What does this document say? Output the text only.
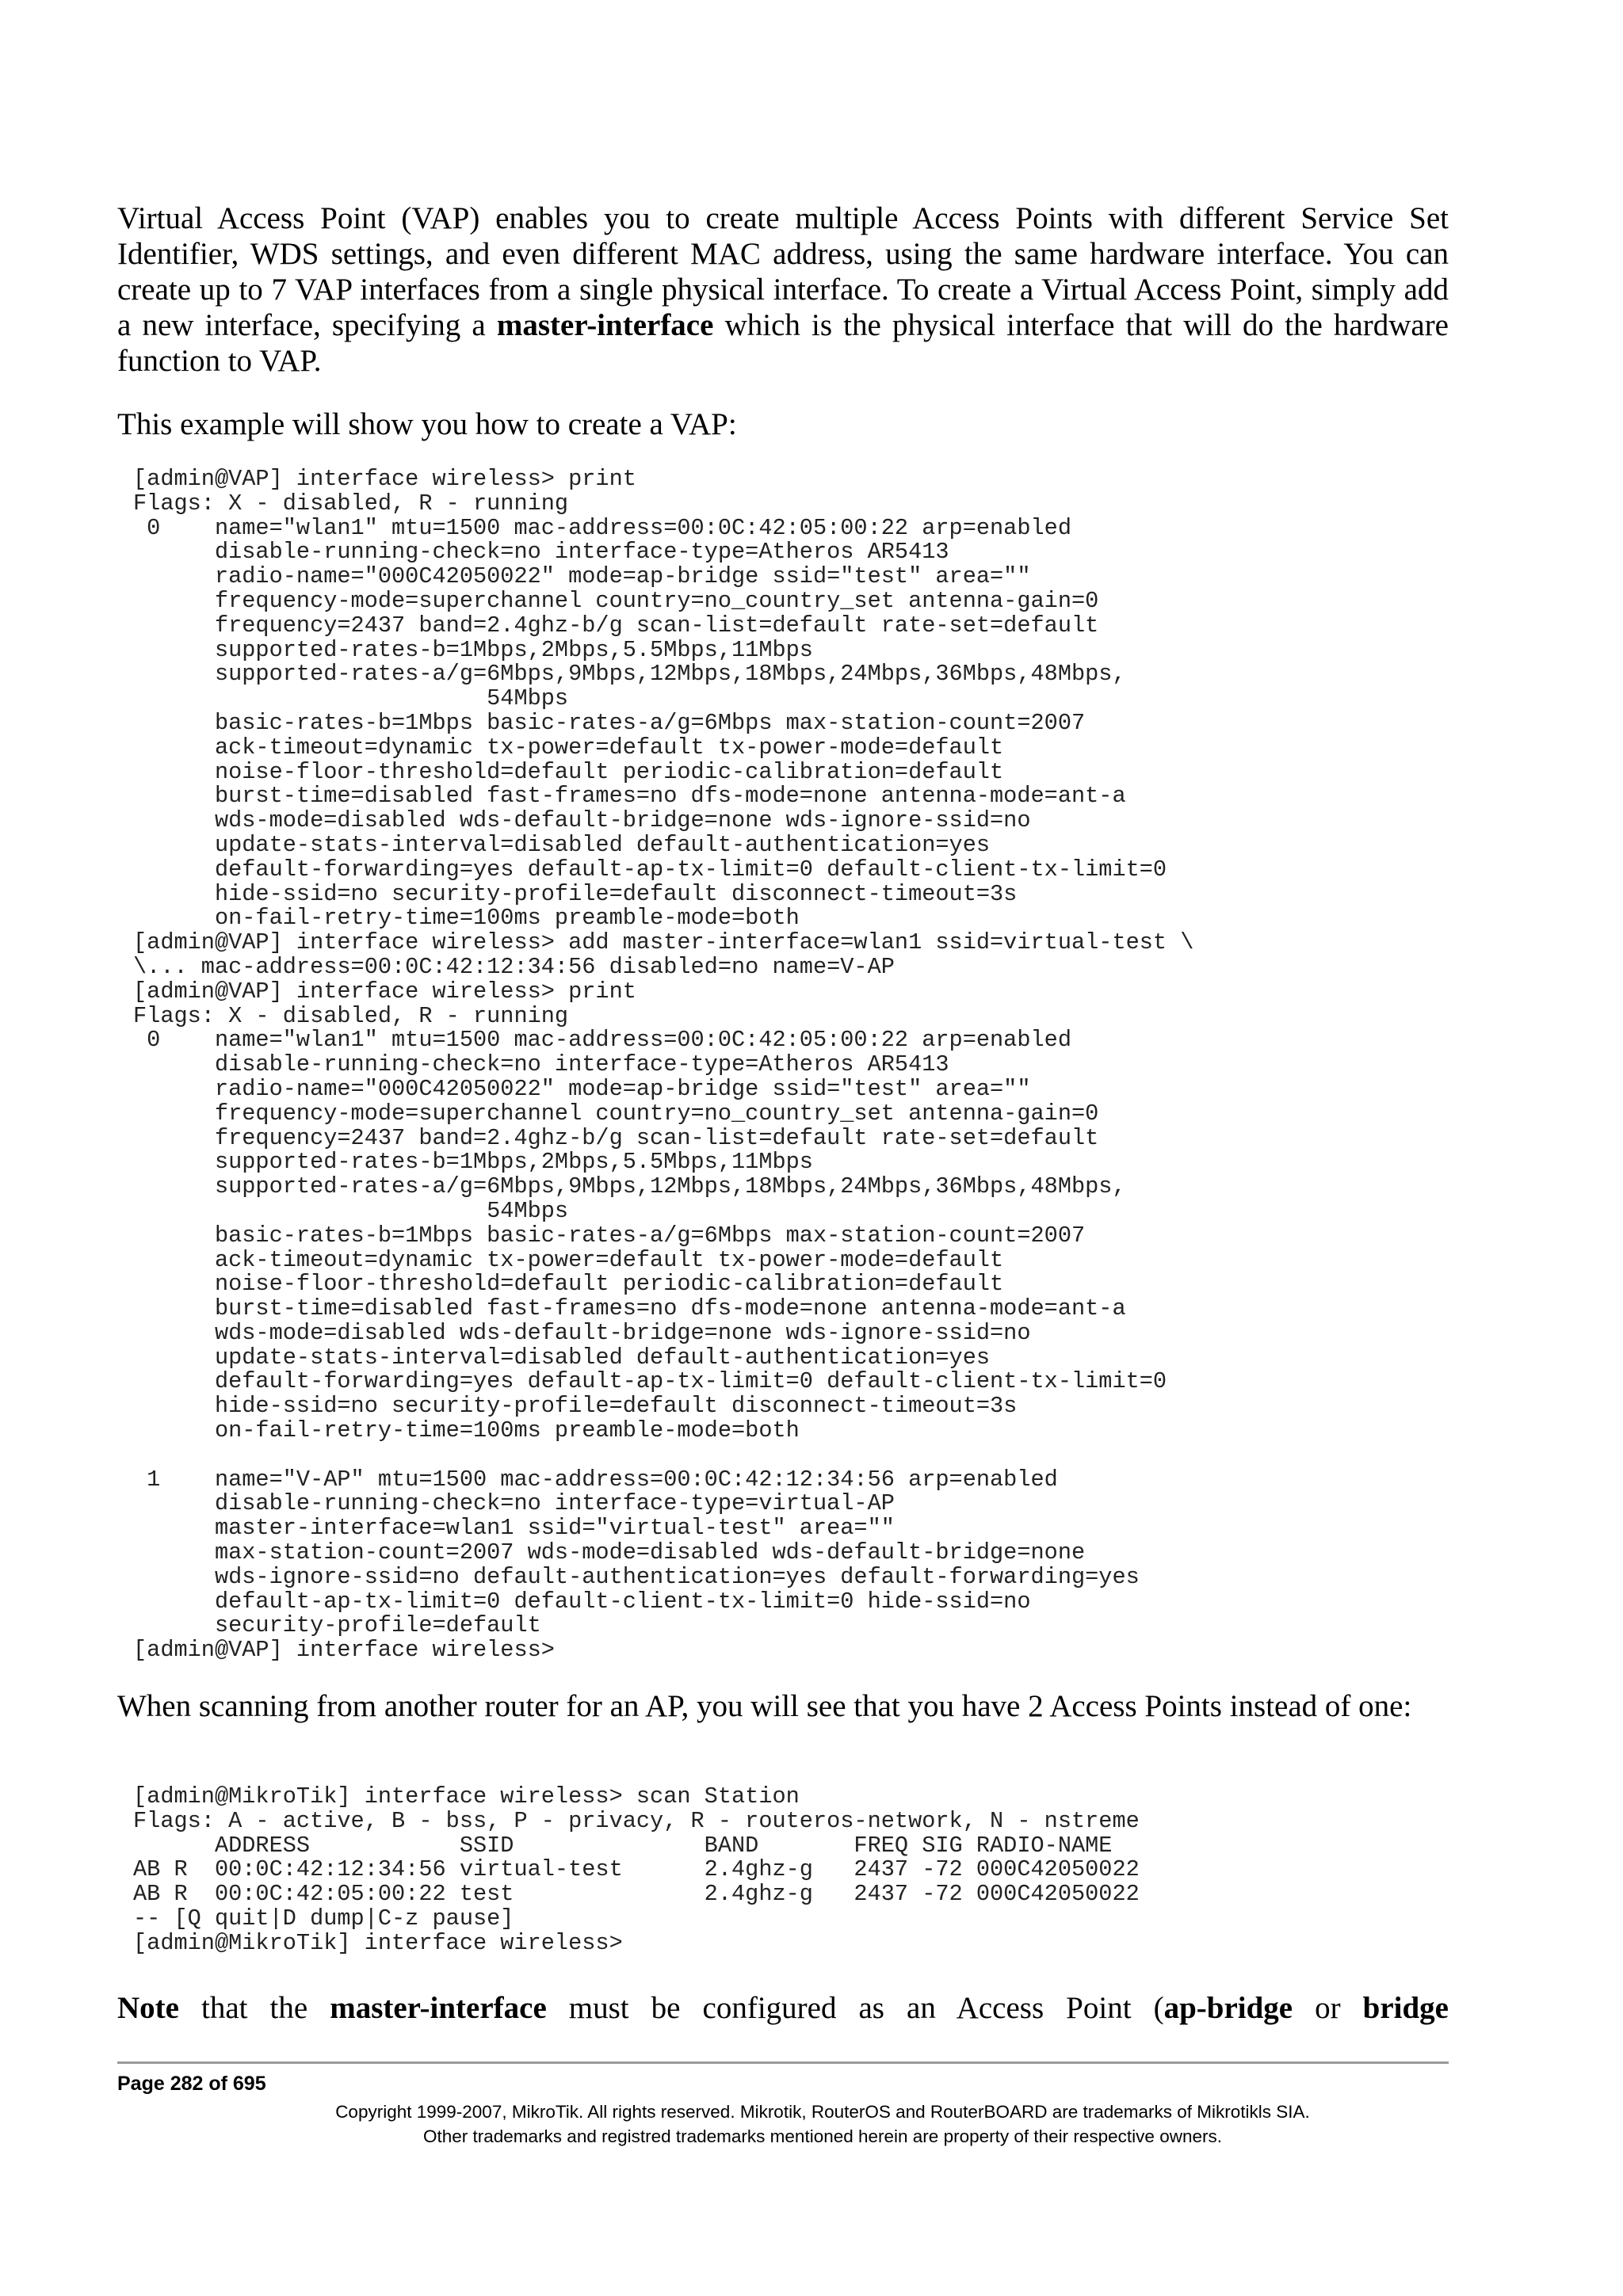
Virtual Access Point (VAP) enables you to create multiple Access Points with different Service Set Identifier, WDS settings, and even different MAC address, using the same hardware interface. You can create up to 7 VAP interfaces from a single physical interface. To create a Virtual Access Point, simply add a new interface, specifying a master-interface which is the physical interface that will do the hardware function to VAP.

This example will show you how to create a VAP:

[admin@VAP] interface wireless> print
Flags: X - disabled, R - running
0    name="wlan1" mtu=1500 mac-address=00:0C:42:05:00:22 arp=enabled
disable-running-check=no interface-type=Atheros AR5413
radio-name="000C42050022" mode=ap-bridge ssid="test" area=""
frequency-mode=superchannel country=no_country_set antenna-gain=0
frequency=2437 band=2.4ghz-b/g scan-list=default rate-set=default
supported-rates-b=1Mbps,2Mbps,5.5Mbps,11Mbps
supported-rates-a/g=6Mbps,9Mbps,12Mbps,18Mbps,24Mbps,36Mbps,48Mbps,
54Mbps
basic-rates-b=1Mbps basic-rates-a/g=6Mbps max-station-count=2007
ack-timeout=dynamic tx-power=default tx-power-mode=default
noise-floor-threshold=default periodic-calibration=default
burst-time=disabled fast-frames=no dfs-mode=none antenna-mode=ant-a
wds-mode=disabled wds-default-bridge=none wds-ignore-ssid=no
update-stats-interval=disabled default-authentication=yes
default-forwarding=yes default-ap-tx-limit=0 default-client-tx-limit=0
hide-ssid=no security-profile=default disconnect-timeout=3s
on-fail-retry-time=100ms preamble-mode=both
[admin@VAP] interface wireless> add master-interface=wlan1 ssid=virtual-test \
\... mac-address=00:0C:42:12:34:56 disabled=no name=V-AP
[admin@VAP] interface wireless> print
Flags: X - disabled, R - running
0    name="wlan1" mtu=1500 mac-address=00:0C:42:05:00:22 arp=enabled
disable-running-check=no interface-type=Atheros AR5413
radio-name="000C42050022" mode=ap-bridge ssid="test" area=""
frequency-mode=superchannel country=no_country_set antenna-gain=0
frequency=2437 band=2.4ghz-b/g scan-list=default rate-set=default
supported-rates-b=1Mbps,2Mbps,5.5Mbps,11Mbps
supported-rates-a/g=6Mbps,9Mbps,12Mbps,18Mbps,24Mbps,36Mbps,48Mbps,
54Mbps
basic-rates-b=1Mbps basic-rates-a/g=6Mbps max-station-count=2007
ack-timeout=dynamic tx-power=default tx-power-mode=default
noise-floor-threshold=default periodic-calibration=default
burst-time=disabled fast-frames=no dfs-mode=none antenna-mode=ant-a
wds-mode=disabled wds-default-bridge=none wds-ignore-ssid=no
update-stats-interval=disabled default-authentication=yes
default-forwarding=yes default-ap-tx-limit=0 default-client-tx-limit=0
hide-ssid=no security-profile=default disconnect-timeout=3s
on-fail-retry-time=100ms preamble-mode=both

1    name="V-AP" mtu=1500 mac-address=00:0C:42:12:34:56 arp=enabled
disable-running-check=no interface-type=virtual-AP
master-interface=wlan1 ssid="virtual-test" area=""
max-station-count=2007 wds-mode=disabled wds-default-bridge=none
wds-ignore-ssid=no default-authentication=yes default-forwarding=yes
default-ap-tx-limit=0 default-client-tx-limit=0 hide-ssid=no
security-profile=default
[admin@VAP] interface wireless>

When scanning from another router for an AP, you will see that you have 2 Access Points instead of one:

[admin@MikroTik] interface wireless> scan Station
Flags: A - active, B - bss, P - privacy, R - routeros-network, N - nstreme
ADDRESS           SSID              BAND       FREQ SIG RADIO-NAME
AB R  00:0C:42:12:34:56 virtual-test      2.4ghz-g   2437 -72 000C42050022
AB R  00:0C:42:05:00:22 test              2.4ghz-g   2437 -72 000C42050022
-- [Q quit|D dump|C-z pause]
[admin@MikroTik] interface wireless>

Note that the master-interface must be configured as an Access Point (ap-bridge or bridge

Page 282 of 695
Copyright 1999-2007, MikroTik. All rights reserved. Mikrotik, RouterOS and RouterBOARD are trademarks of Mikrotikls SIA.
Other trademarks and registred trademarks mentioned herein are property of their respective owners.
